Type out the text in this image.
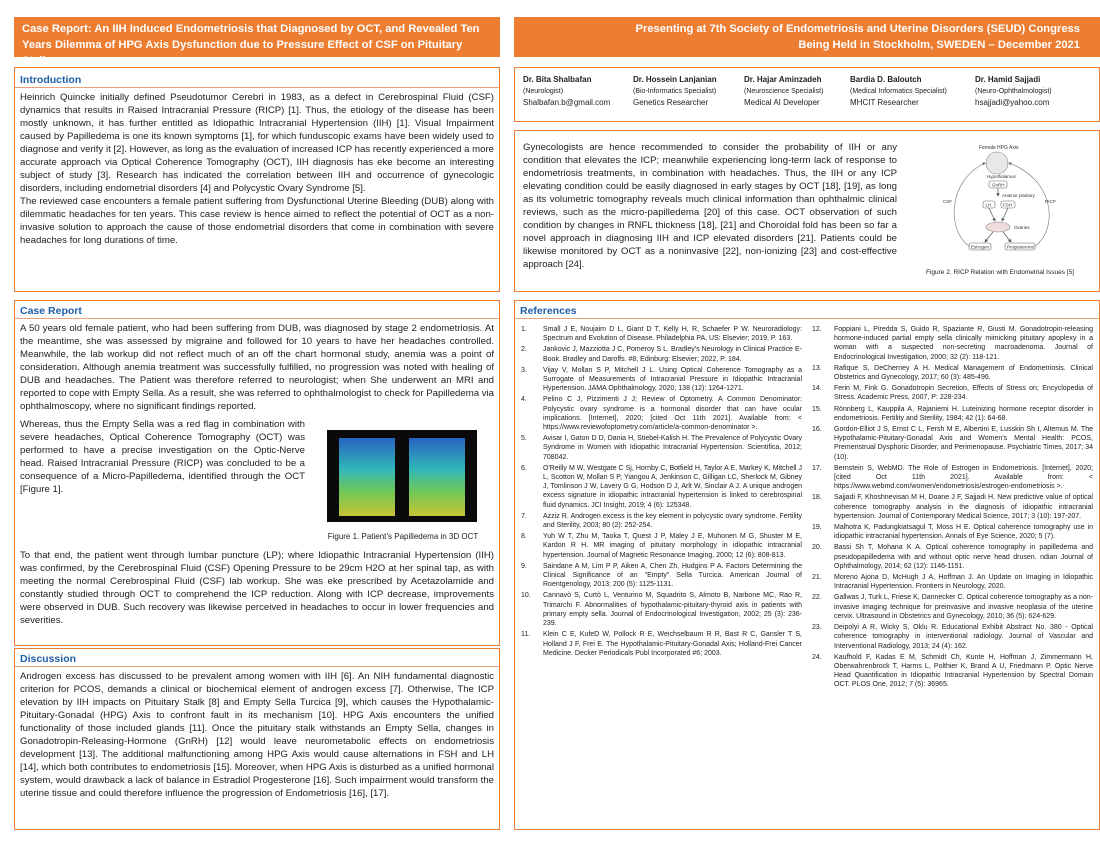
Case Report: An IIH Induced Endometriosis that Diagnosed by OCT, and Revealed Ten Years Dilemma of HPG Axis Dysfunction due to Pressure Effect of CSF on Pituitary Stalk.
Presenting at 7th Society of Endometriosis and Uterine Disorders (SEUD) Congress
Being Held in Stockholm, SWEDEN – December 2021
Introduction

Heinrich Quincke initially defined Pseudotumor Cerebri in 1983, as a defect in Cerebrospinal Fluid (CSF) dynamics that results in Raised Intracranial Pressure (RICP) [1]. Thus, the etiology of the disease has been mostly unknown, it has further entitled as Idiopathic Intracranial Hypertension (IIH) [1]. Visual Impairment caused by Papilledema is one its known symptoms [1], for which funduscopic exams have been widely used to diagnose and verify it [2]. However, as long as the evaluation of increased ICP has recently experienced a more accurate approach via Optical Coherence Tomography (OCT), IIH diagnosis has eke become an interesting subject of study [3]. Research has indicated the correlation between IIH and occurrence of gynecologic disorders, including endometrial disorders [4] and Polycystic Ovary Syndrome [5].

The reviewed case encounters a female patient suffering from Dysfunctional Uterine Bleeding (DUB) along with dilemmatic headaches for ten years. This case review is hence aimed to reflect the potential of OCT as a non-invasive solution to approach the cause of those endometrial disorders that come in combination with severe headaches for long durations of time.

Case Report

A 50 years old female patient, who had been suffering from DUB, was diagnosed by stage 2 endometriosis. At the meantime, she was assessed by migraine and followed for 10 years to have her headaches controlled. Meanwhile, the lab workup did not reflect much of an off the chart hormonal study, anemia was a point of consideration. Although anemia treatment was successfully fulfilled, no progression was noted with healing of DUB and headaches. The Patient was therefore referred to neurologist; when She underwent an MRI and reported to cope with Empty Sella. As a result, she was referred to ophthalmologist to check for Papilledema via ophthalmoscopy, where no significant findings reported.

Whereas, thus the Empty Sella was a red flag in combination with severe headaches, Optical Coherence Tomography (OCT) was performed to have a precise investigation on the Optic-Nerve head. Raised Intracranial Pressure (RICP) was concluded to be a consequence of a Micro-Papilledema, identified through the OCT [Figure 1].
Figure 1. Patient’s Papilledema in 3D OCT

To that end, the patient went through lumbar puncture (LP); where Idiopathic Intracranial Hypertension (IIH) was confirmed, by the Cerebrospinal Fluid (CSF) Opening Pressure to be 29cm H2O at her spinal tap, as with meeting the normal Cerebrospinal Fluid (CSF) lab workup. She was eke prescribed by Acetazolamide and constantly studied through OCT to comprehend the ICP reduction. Along with ICP decrease, improvements were observed in DUB. Such recovery was likewise perceived in headaches to occur in lower frequencies and severities.

Discussion

Androgen excess has discussed to be prevalent among women with IIH [6]. An NIH fundamental diagnostic criterion for PCOS, demands a clinical or biochemical element of androgen excess [7]. Otherwise, The ICP elevation by IIH impacts on Pituitary Stalk [8] and Empty Sella Turcica [9], which causes the Hypothalamic-Pituitary-Gonadal (HPG) Axis to confront fault in its mechanism [10]. HPG Axis encounters the unified functionality of those included glands [11]. Once the pituitary stalk withstands an Empty Sella, changes in Gonadotropin-Releasing-Hormone (GnRH) [12] would leave neurometabolic effects on endometriosis development [13]. The additional malfunctioning among HPG Axis would cause alternations in FSH and LH [14], which both contributes to endometriosis [15]. Moreover, when HPG Axis is disturbed as a unified hormonal system, would drawback a lack of balance in Estradiol Progesterone [16]. Such impairment would transform the uterine tissue and could therefore influence the progression of Endometriosis [16], [17].

Dr. Bita Shalbafan
(Neurologist)
Shalbafan.b@gmail.com
Dr. Hossein Lanjanian
(Bio-Informatics Specialist)
Genetics Researcher
Dr. Hajar Aminzadeh
(Neuroscience Specialist)
Medical AI Developer
Bardia D. Baloutch
(Medical Informatics Specialist)
MHCIT Researcher
Dr. Hamid Sajjadi
(Neuro-Ophthalmologist)
hsajjadi@yahoo.com
Gynecologists are hence recommended to consider the probability of IIH or any condition that elevates the ICP; meanwhile experiencing long-term lack of response to endometriosis treatments, in combination with headaches. Thus, the IIH or any ICP elevating condition could be easily diagnosed in early stages by OCT [18], [19], as long as its volumetric tomography reveals much clinical information than ophthalmic clinical reviews, such as the micro-papilledema [20] of this case. OCT observation of such condition by changes in RNFL thickness [18], [21] and Choroidal fold has been so far a novel approach in diagnosing IIH and ICP elevated disorders [21]. Patients could be likewise monitored by OCT as a noninvasive [22], non-ionizing [23] and cost-effective approach [24].
Female HPG Axis
Hypothalamus
GnRH
Anterior pituitary
LH	FSH
Ovaries
Estrogen	Progesterone
CSF	RICP
Figure 2. RICP Relation with Endometrial Issues [5]
References
1.	Small J E, Noujaim D L, Giant D T, Kelly H, R, Schaefer P W. Neuroradiology: Spectrum and Evolution of Disease. Philadelphia PA, US: Elsevier; 2019, P. 163.
2.	Jankovic J, Mazziotta J C, Pomeroy S L. Bradley's Neurology in Clinical Practice E-Book. Bradley and Daroffs. #8, Edinburg: Elsevier; 2022, P. 184.
3.	Vijay V, Mollan S P, Mitchell J L. Using Optical Coherence Tomography as a Surrogate of Measurements of Intracranial Pressure in Idiopathic Intracranial Hypertension. JAMA Ophthalmology, 2020; 138 (12): 1264-1271.
4.	Pelino C J, Pizzimenti J J; Review of Optometry. A Common Denominator: Polycystic ovary syndrome is a hormonal disorder that can have ocular implications. [Internet], 2020; [cited Oct 11th 2021]. Available from: < https://www.reviewofoptometry.com/article/a-common-denominator >.
5.	Avisar I, Gaton D D, Dania H, Stiebel-Kalish H. The Prevalence of Polycystic Ovary Syndrome in Women with Idiopathic Intracranial Hypertension. Scientifica, 2012; 708042.
6.	O'Reilly M W, Westgate C Sj, Hornby C, Botfield H, Taylor A E, Markey K, Mitchell J L, Scotton W, Mollan S P, Yiangou A, Jenkinson C, Gilligan LC, Sherlock M, Gibney J, Tomlinson J W, Lavery G G, Hodson D J, Arlt W, Sinclair A J. A unique androgen excess signature in idiopathic intracranial hypertension is linked to cerebrospinal fluid dynamics. JCI Insight, 2019; 4 (6): 125348.
7.	Azziz R. Androgen excess is the key element in polycystic ovary syndrome. Fertility and Sterility, 2003; 80 (2): 252-254.
8.	Yuh W T, Zhu M, Taoka T, Quest J P, Maley J E, Muhonen M G, Shuster M E, Kardon R H. MR imaging of pituitary morphology in idiopathic intracranial hypertension. Journal of Magnetic Resonance Imaging, 2000; 12 (6): 808-813.
9.	Saindane A M, Lim P P, Aiken A, Chen Zh, Hudgins P A. Factors Determining the Clinical Significance of an "Empty" Sella Turcica. American Journal of Roentgenology, 2013; 200 (5): 1125-1131.
10.	Cannavò S, Curtò L, Venturino M, Squadrito S, Almoto B, Narbone MC, Rao R, Trimarchi F. Abnormalities of hypothalamic-pituitary-thyroid axis in patients with primary empty sella. Journal of Endocrinological Investigation, 2002; 25 (3): 236-239.
11.	Klein C E, KufeD W, Pollock R E, Weichselbaum R R, Bast R C, Gansler T S, Holland J F, Frei E. The Hypothalamic-Pituitary-Gonadal Axis; Holland-Frei Cancer Medicine. Decker Periodicals Publ Incorporated #6; 2003.
12.	Foppiani L, Piredda S, Guido R, Spaziante R, Giusti M. Gonadotropin-releasing hormone-induced partial empty sella clinically mimicking pituitary apoplexy in a woman with a suspected non-secreting macroadenoma. Journal of Endocrinological Investigation, 2000; 32 (2): 118-121.
13.	Rafique S, DeCherney A H. Medical Management of Endometriosis. Clinical Obstetrics and Gynecology, 2017; 60 (3): 485-496.
14.	Ferin M, Fink G. Gonadotropin Secretion, Effects of Stress on; Encyclopedia of Stress. Academic Press, 2007, P: 228-234.
15.	Rönnberg L, Kauppila A, Rajaniemi H. Luteinizing hormone receptor disorder in endometriosis. Fertility and Sterility, 1984; 42 (1): 64-68.
16.	Gordon-Elliot J S, Ernst C L, Fersh M E, Albertini E, Lusskin Sh I, Altemus M. The Hypothalamic-Pituitary-Gonadal Axis and Women's Mental Health: PCOS, Premenstrual Dysphoric Disorder, and Perimenopause. Psychiatric Times, 2017; 34 (10).
17.	Bernstein S, WebMD. The Role of Estrogen in Endometriosis. [Internet], 2020; [cited Oct 11th 2021]. Available from: < https://www.webmd.com/women/endometriosis/estrogen-endometriosis >.
18.	Sajjadi F, Khoshnevisan M H, Doane J F, Sajjadi H. New predictive value of optical coherence tomography analysis in the diagnosis of idiopathic intracranial hypertension. Journal of Contemporary Medical Science, 2017; 3 (10): 197-207.
19.	Malhotra K, Padungkiatsagul T, Moss H E. Optical coherence tomography use in idiopathic intracranial hypertension. Annals of Eye Science, 2020; 5 (7).
20.	Bassi Sh T, Mohana K A. Optical coherence tomography in papilledema and pseudopapilledema with and without optic nerve head drusen. ndian Journal of Ophthalmology, 2014; 62 (12): 1146-1151.
21.	Moreno Ajona D, McHugh J A, Hoffman J. An Update on Imaging in Idiopathic Intracranial Hypertension. Frontiers in Neurology, 2020.
22.	Gallwas J, Turk L, Friese K, Dannecker C. Optical coherence tomography as a non-invasive imaging technique for preinvasive and invasive neoplasia of the uterine cervix. Ultrasound in Obstetrics and Gynecology, 2010; 36 (5): 624-629.
23.	Deipolyi A R, Wicky S, Oklu R. Educational Exhibit Abstract No. 380 - Optical coherence tomography in interventional radiology. Journal of Vascular and Interventional Radiology, 2013; 24 (4): 162.
24.	Kaufhold F, Kadas E M, Schmidt Ch, Kunte H, Hoffman J, Zimmermann H, Oberwahrenbrock T, Harms L, Polthier K, Brand A U, Friedmann P. Optic Nerve Head Quantification in Idiopathic Intracranial Hypertension by Spectral Domain OCT. PLOS One, 2012; 7 (5): 36965.
